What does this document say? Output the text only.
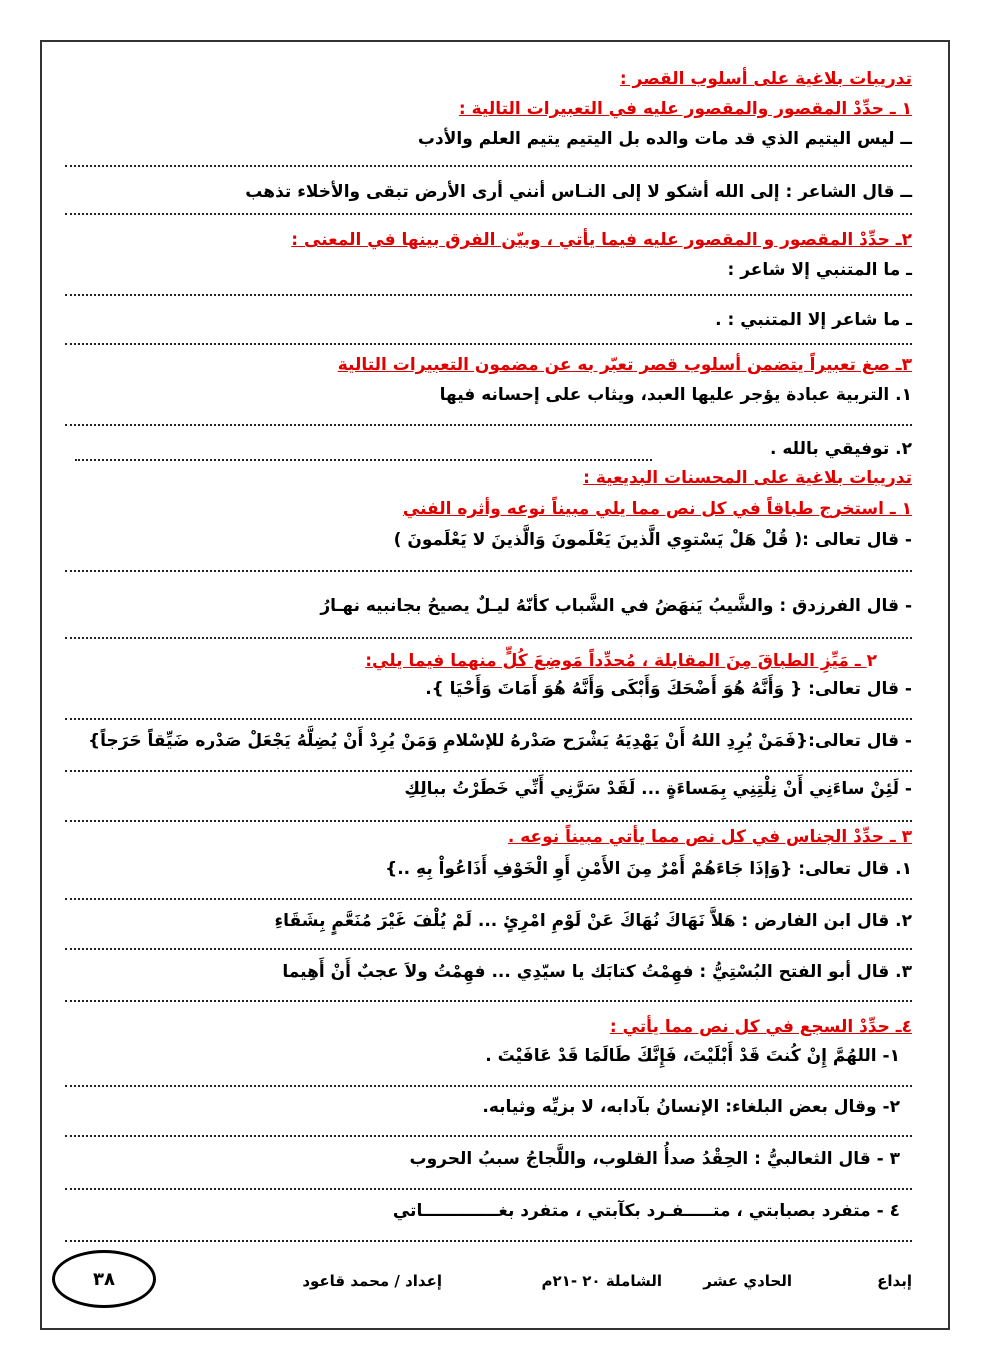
تدريبات بلاغية على أسلوب القصر :
١ ـ حدِّدْ المقصور والمقصور عليه في التعبيرات التالية :
ــ ليس اليتيم الذي قد مات والده بل اليتيم يتيم العلم والأدب
ــ قال الشاعر : إلى الله أشكو لا إلى النـاس أنني أرى الأرض تبقى والأخلاء تذهب
٢ـ حدِّدْ المقصور و المقصور عليه فيما يأتي ، وبيّن الفرق بينها في المعنى :
ـ ما المتنبي إلا شاعر :
ـ ما شاعر إلا المتنبي : .
٣ـ صغ تعبيراً يتضمن أسلوب قصر تعبّر به عن مضمون التعبيرات التالية
١. التربية عبادة يؤجر عليها العبد، ويثاب على إحسانه فيها
٢. توفيقي بالله .
تدريبات بلاغية على المحسنات البديعية :
١ ـ استخرج طباقاً في كل نص مما يلي مبيناً نوعه وأثره الفني
- قال تعالى :( قُلْ هَلْ يَسْتوِي الَّذينَ يَعْلَمونَ وَالَّذينَ لا يَعْلَمونَ )
- قال الفرزدق : والشَّيبُ يَنهَضُ في الشَّباب كأنّهُ ليـلٌ يصيحُ بجانبيه نهـارُ
٢ ـ مَيِّزِ الطباقَ مِنَ المقابلة ، مُحدِّداً مَوضِعَ كُلٍّ منهما فيما يلي:
- قال تعالى: { وَأَنَّهُ هُوَ أَضْحَكَ وَأَبْكَى وَأَنَّهُ هُوَ أَمَاتَ وَأَحْيَا }.
- قال تعالى:{فَمَنْ يُرِدِ اللهُ أَنْ يَهْدِيَهُ يَشْرَح صَدْرهُ للإسْلامِ وَمَنْ يُرِدْ أَنْ يُضِلَّهُ يَجْعَلْ صَدْره ضَيِّقاً حَرَجاً}
- لَئِنْ ساءَنِي أَنْ نِلْتِنِي بِمَساءَةٍ ... لَقَدْ سَرَّنِي أَنِّي خَطَرْتُ ببالِكِ
٣ ـ حدِّدْ الجناس في كل نص مما يأتي مبيناً نوعه .
١. قال تعالى: {وَإذَا جَاءَهُمْ أَمْرٌ مِنَ الأَمْنِ أَوِ الْخَوْفِ أَذَاعُواْ بِهِ ..}
٢. قال ابن الفارض : هَلاَّ نَهَاكَ نُهَاكَ عَنْ لَوْمِ امْرِئٍ ... لَمْ يُلْفَ غَيْرَ مُنَعَّمٍ بِشَقَاءِ
٣. قال أبو الفتح البُسْتِيُّ : فهِمْتُ كتابَك يا سيّدِي ... فهِمْتُ ولاَ عجبٌ أَنْ أَهِيما
٤ـ حدِّدْ السجع في كل نص مما يأتي :
١- اللهُمَّ إِنْ كُنتَ قَدْ أَبْلَيْتَ، فَإِنَّكَ طَالَمَا قَدْ عَافَيْتَ .
٢- وقال بعض البلغاء: الإنسانُ بآدابه، لا بزيِّه وثيابه.
٣ - قال الثعالبيُّ : الحِقْدُ صدأُ القلوب، واللَّجاجُ سببُ الحروب
٤ - متفرد بصبابتي ، متـــــفـرد بكآبتي ، متفرد بغـــــــــــــاتي
إبداع
الحادي عشر
الشاملة ٢٠ -٢١م
إعداد / محمد قاعود
٣٨
